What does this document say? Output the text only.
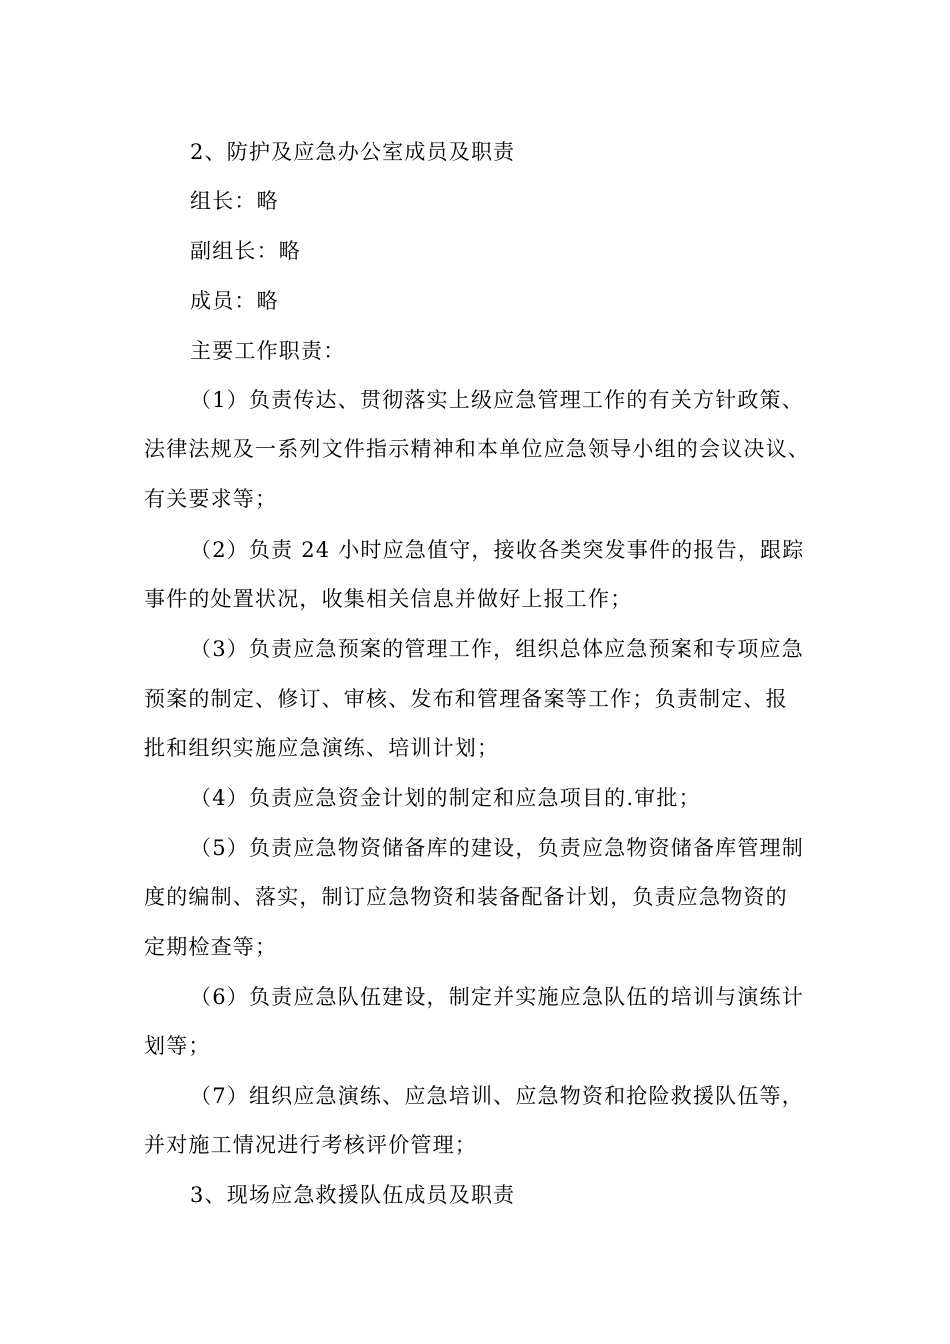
2、防护及应急办公室成员及职责
组长：略
副组长：略
成员：略
主要工作职责：
（1）负责传达、贯彻落实上级应急管理工作的有关方针政策、
法律法规及一系列文件指示精神和本单位应急领导小组的会议决议、
有关要求等；
（2）负责 24 小时应急值守，接收各类突发事件的报告，跟踪
事件的处置状况，收集相关信息并做好上报工作；
（3）负责应急预案的管理工作，组织总体应急预案和专项应急
预案的制定、修订、审核、发布和管理备案等工作；负责制定、报
批和组织实施应急演练、培训计划；
（4）负责应急资金计划的制定和应急项目的.审批；
（5）负责应急物资储备库的建设，负责应急物资储备库管理制
度的编制、落实，制订应急物资和装备配备计划，负责应急物资的
定期检查等；
（6）负责应急队伍建设，制定并实施应急队伍的培训与演练计
划等；
（7）组织应急演练、应急培训、应急物资和抢险救援队伍等，
并对施工情况进行考核评价管理；
3、现场应急救援队伍成员及职责
